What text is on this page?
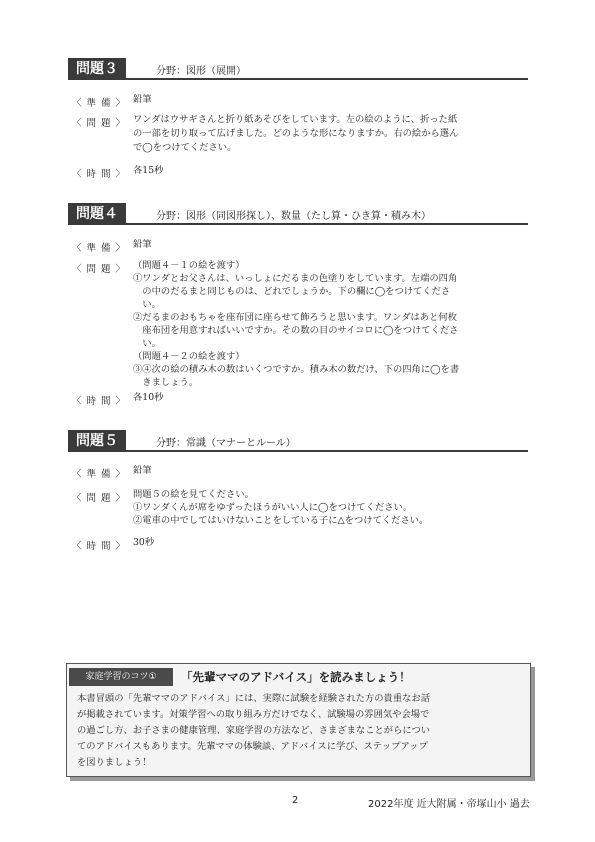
問題３	分野：図形（展開）
〈 準 備 〉 鉛筆
〈 問 題 〉 ワンダはウサギさんと折り紙あそびをしています。左の絵のように、折った紙
の一部を切り取って広げました。どのような形になりますか。右の絵から選ん
で◯をつけてください。
〈 時 間 〉 各15秒
問題４	分野：図形（同図形探し）、数量（たし算・ひき算・積み木）
〈 準 備 〉 鉛筆
〈 問 題 〉 （問題４－１の絵を渡す）
①ワンダとお父さんは、いっしょにだるまの色塗りをしています。左端の四角
　の中のだるまと同じものは、どれでしょうか。下の欄に◯をつけてくださ
　い。
②だるまのおもちゃを座布団に座らせて飾ろうと思います。ワンダはあと何枚
　座布団を用意すればいいですか。その数の目のサイコロに◯をつけてくださ
　い。
（問題４－２の絵を渡す）
③④次の絵の積み木の数はいくつですか。積み木の数だけ、下の四角に◯を書
　きましょう。
〈 時 間 〉 各10秒
問題５	分野：常識（マナーとルール）
〈 準 備 〉 鉛筆
〈 問 題 〉 問題５の絵を見てください。
①ワンダくんが席をゆずったほうがいい人に◯をつけてください。
②電車の中でしてはいけないことをしている子に△をつけてください。
〈 時 間 〉 30秒
家庭学習のコツ①	「先輩ママのアドバイス」を読みましょう！
本書冒頭の「先輩ママのアドバイス」には、実際に試験を経験された方の貴重なお話
が掲載されています。対策学習への取り組み方だけでなく、試験場の雰囲気や会場で
の過ごし方、お子さまの健康管理、家庭学習の方法など、さまざまなことがらについ
てのアドバイスもあります。先輩ママの体験談、アドバイスに学び、ステップアップ
を図りましょう！
2	2022年度 近大附属・帝塚山小 過去
